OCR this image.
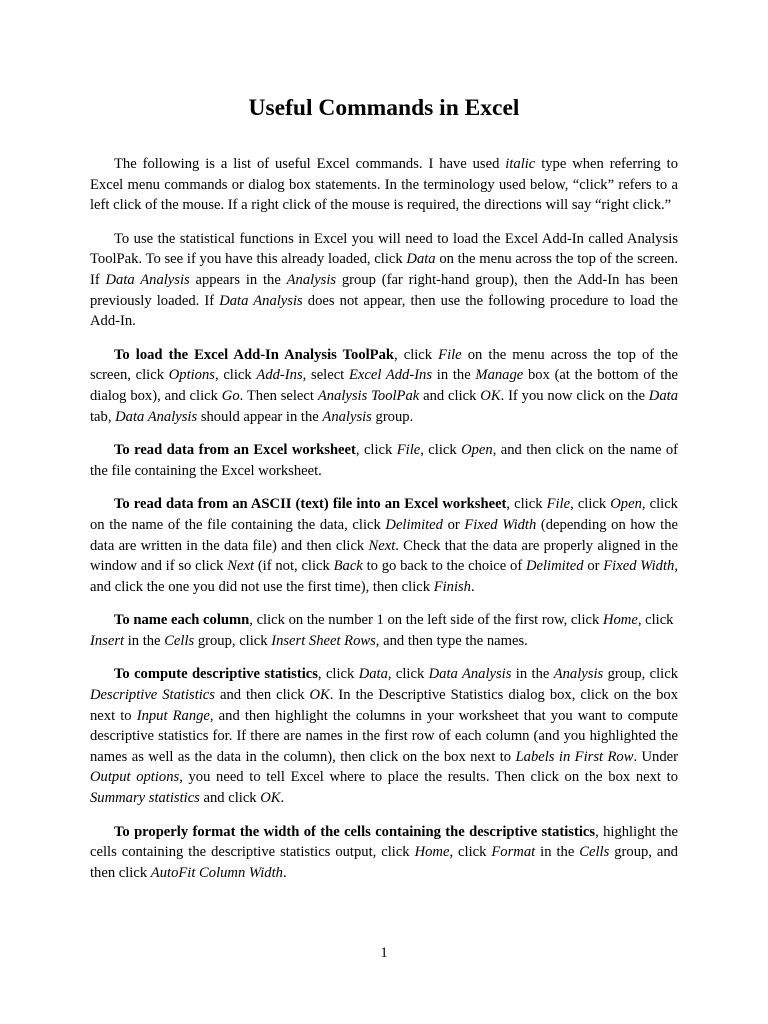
Useful Commands in Excel

The following is a list of useful Excel commands. I have used italic type when referring to Excel menu commands or dialog box statements. In the terminology used below, “click” refers to a left click of the mouse. If a right click of the mouse is required, the directions will say “right click.”

To use the statistical functions in Excel you will need to load the Excel Add-In called Analysis ToolPak. To see if you have this already loaded, click Data on the menu across the top of the screen. If Data Analysis appears in the Analysis group (far right-hand group), then the Add-In has been previously loaded. If Data Analysis does not appear, then use the following procedure to load the Add-In.

To load the Excel Add-In Analysis ToolPak, click File on the menu across the top of the screen, click Options, click Add-Ins, select Excel Add-Ins in the Manage box (at the bottom of the dialog box), and click Go. Then select Analysis ToolPak and click OK. If you now click on the Data tab, Data Analysis should appear in the Analysis group.

To read data from an Excel worksheet, click File, click Open, and then click on the name of the file containing the Excel worksheet.

To read data from an ASCII (text) file into an Excel worksheet, click File, click Open, click on the name of the file containing the data, click Delimited or Fixed Width (depending on how the data are written in the data file) and then click Next. Check that the data are properly aligned in the window and if so click Next (if not, click Back to go back to the choice of Delimited or Fixed Width, and click the one you did not use the first time), then click Finish.

To name each column, click on the number 1 on the left side of the first row, click Home, click Insert in the Cells group, click Insert Sheet Rows, and then type the names.

To compute descriptive statistics, click Data, click Data Analysis in the Analysis group, click Descriptive Statistics and then click OK. In the Descriptive Statistics dialog box, click on the box next to Input Range, and then highlight the columns in your worksheet that you want to compute descriptive statistics for. If there are names in the first row of each column (and you highlighted the names as well as the data in the column), then click on the box next to Labels in First Row. Under Output options, you need to tell Excel where to place the results. Then click on the box next to Summary statistics and click OK.

To properly format the width of the cells containing the descriptive statistics, highlight the cells containing the descriptive statistics output, click Home, click Format in the Cells group, and then click AutoFit Column Width.

1
